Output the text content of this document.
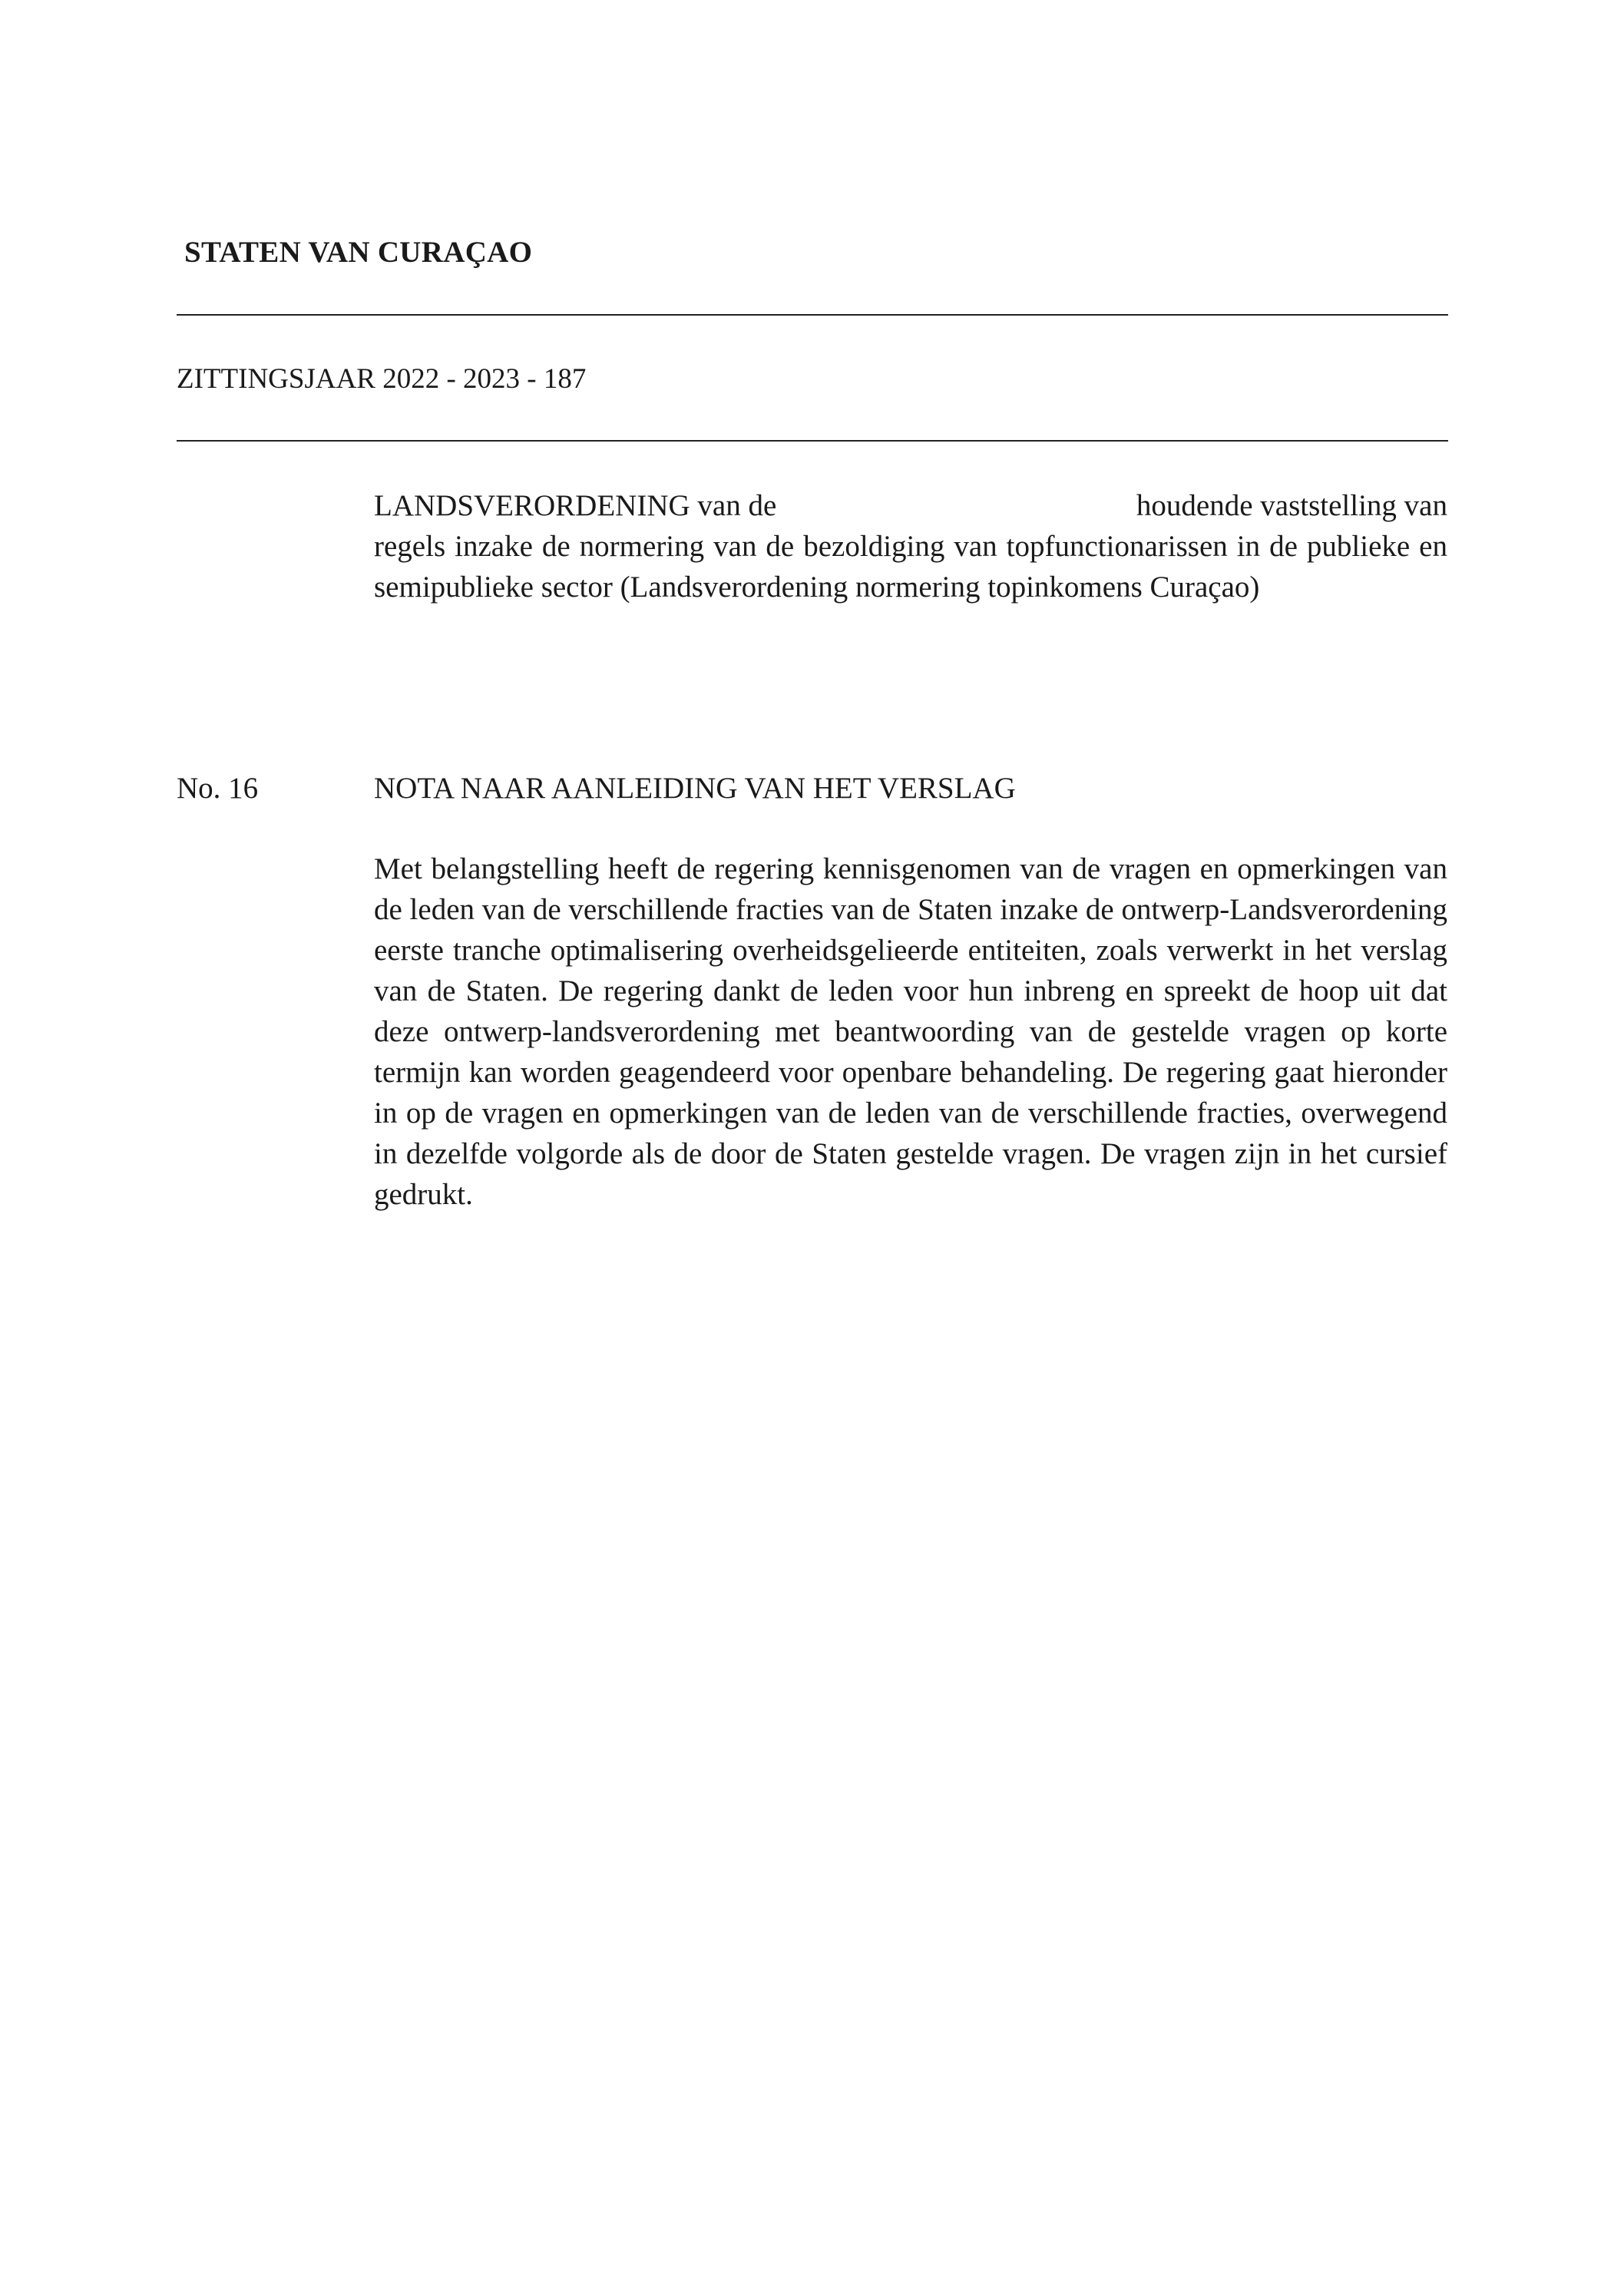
STATEN VAN CURAÇAO
ZITTINGSJAAR 2022 - 2023 - 187
LANDSVERORDENING van de	houdende vaststelling van
regels inzake de normering van de bezoldiging van topfunctionarissen in de publieke en semipublieke sector (Landsverordening normering topinkomens Curaçao)
No. 16	NOTA NAAR AANLEIDING VAN HET VERSLAG

Met belangstelling heeft de regering kennisgenomen van de vragen en opmerkingen van de leden van de verschillende fracties van de Staten inzake de ontwerp-Landsverordening eerste tranche optimalisering overheidsgelieerde entiteiten, zoals verwerkt in het verslag van de Staten. De regering dankt de leden voor hun inbreng en spreekt de hoop uit dat deze ontwerp-landsverordening met beantwoording van de gestelde vragen op korte termijn kan worden geagendeerd voor openbare behandeling. De regering gaat hieronder in op de vragen en opmerkingen van de leden van de verschillende fracties, overwegend in dezelfde volgorde als de door de Staten gestelde vragen. De vragen zijn in het cursief gedrukt.
